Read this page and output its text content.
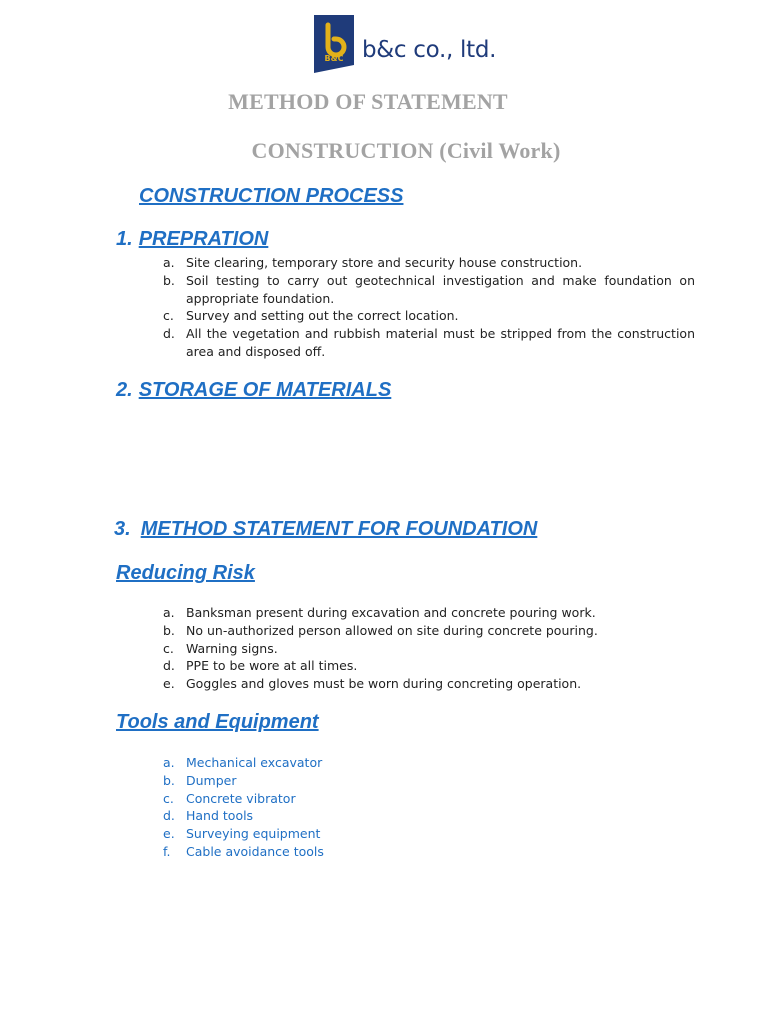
B&C b&c co., ltd.
METHOD OF STATEMENT
CONSTRUCTION (Civil Work)
CONSTRUCTION PROCESS
1. PREPRATION
a. Site clearing, temporary store and security house construction.
b. Soil testing to carry out geotechnical investigation and make foundation on appropriate foundation.
c. Survey and setting out the correct location.
d. All the vegetation and rubbish material must be stripped from the construction area and disposed off.
2. STORAGE OF MATERIALS
3. METHOD STATEMENT FOR FOUNDATION
Reducing Risk
a. Banksman present during excavation and concrete pouring work.
b. No un-authorized person allowed on site during concrete pouring.
c. Warning signs.
d. PPE to be wore at all times.
e. Goggles and gloves must be worn during concreting operation.
Tools and Equipment
a. Mechanical excavator
b. Dumper
c. Concrete vibrator
d. Hand tools
e. Surveying equipment
f. Cable avoidance tools
